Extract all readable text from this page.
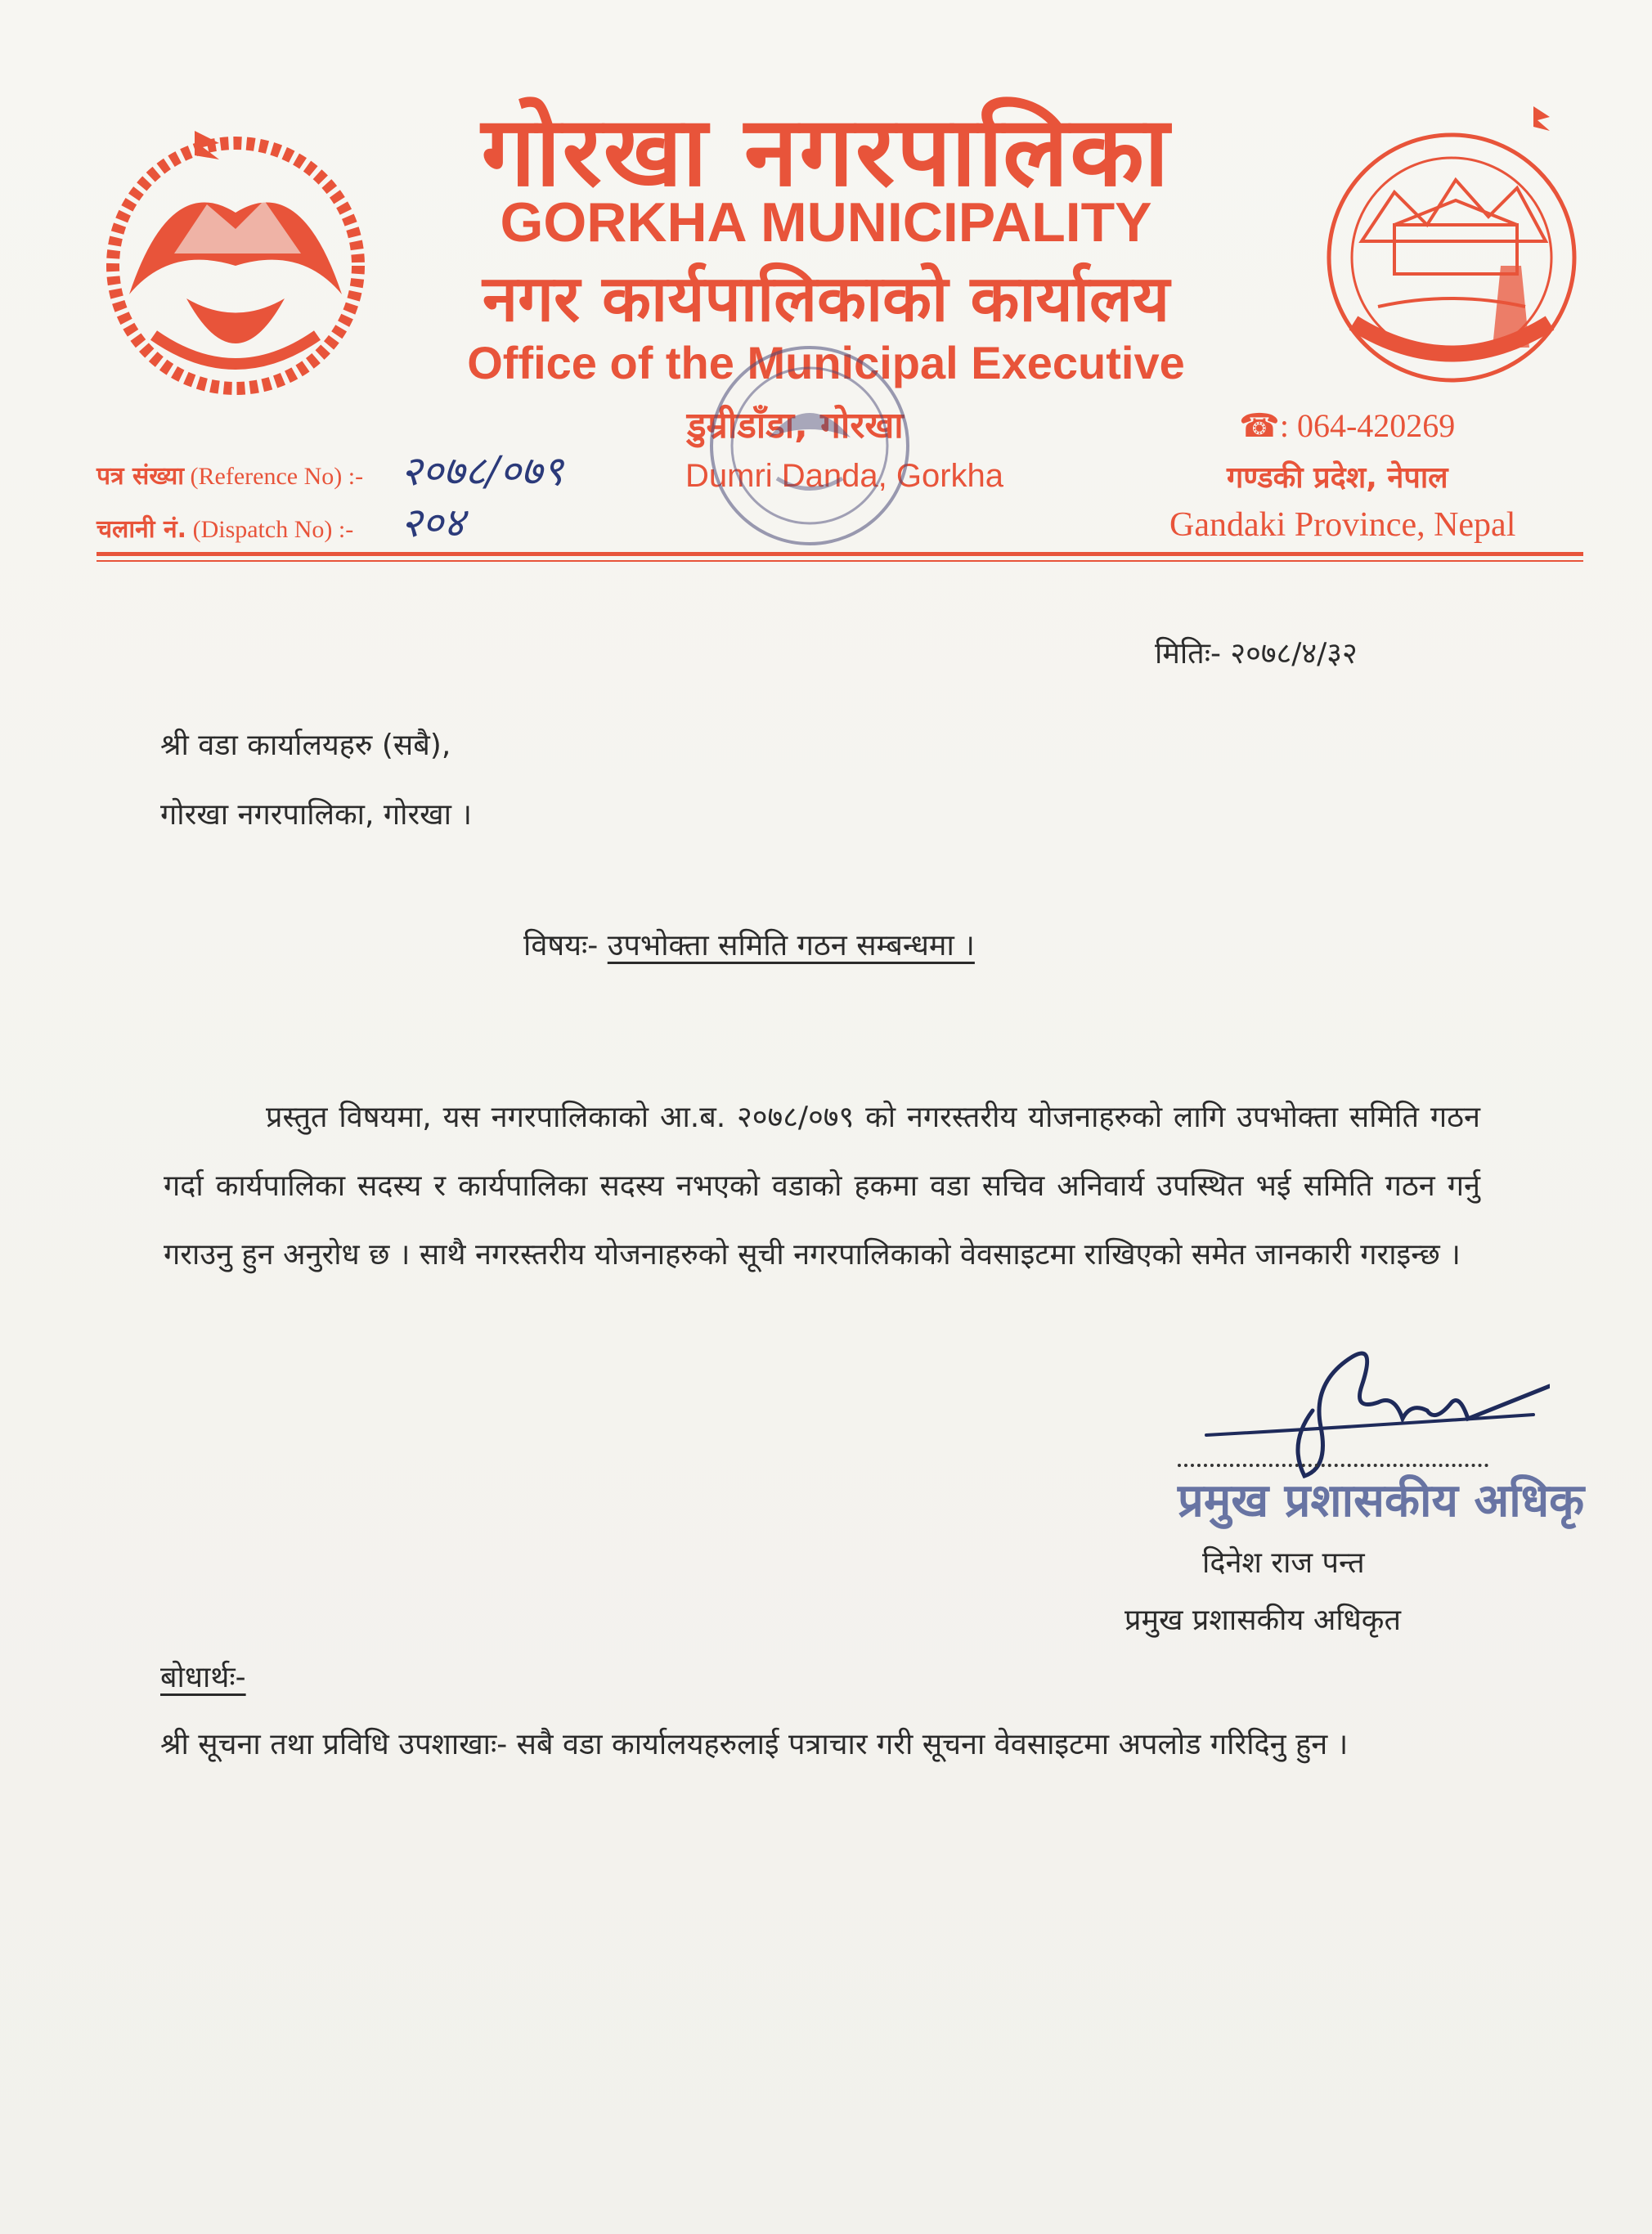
गोरखा नगरपालिका
GORKHA MUNICIPALITY
नगर कार्यपालिकाको कार्यालय
Office of the Municipal Executive
डुम्रीडाँडा, गोरखा
Dumri Danda, Gorkha
पत्र संख्या (Reference No) :- २०७८/०७९
चलानी नं. (Dispatch No) :- २०४
☎: 064-420269
गण्डकी प्रदेश, नेपाल
Gandaki Province, Nepal
मितिः- २०७८/४/३२
श्री वडा कार्यालयहरु (सबै),
गोरखा नगरपालिका, गोरखा ।
विषयः- उपभोक्ता समिति गठन सम्बन्धमा ।
प्रस्तुत विषयमा, यस नगरपालिकाको आ.ब. २०७८/०७९ को नगरस्तरीय योजनाहरुको लागि उपभोक्ता समिति गठन गर्दा कार्यपालिका सदस्य र कार्यपालिका सदस्य नभएको वडाको हकमा वडा सचिव अनिवार्य उपस्थित भई समिति गठन गर्नु गराउनु हुन अनुरोध छ । साथै नगरस्तरीय योजनाहरुको सूची नगरपालिकाको वेवसाइटमा राखिएको समेत जानकारी गराइन्छ ।
प्रमुख प्रशासकीय अधिकृ
दिनेश राज पन्त
प्रमुख प्रशासकीय अधिकृत
बोधार्थः-
श्री सूचना तथा प्रविधि उपशाखाः- सबै वडा कार्यालयहरुलाई पत्राचार गरी सूचना वेवसाइटमा अपलोड गरिदिनु हुन ।
